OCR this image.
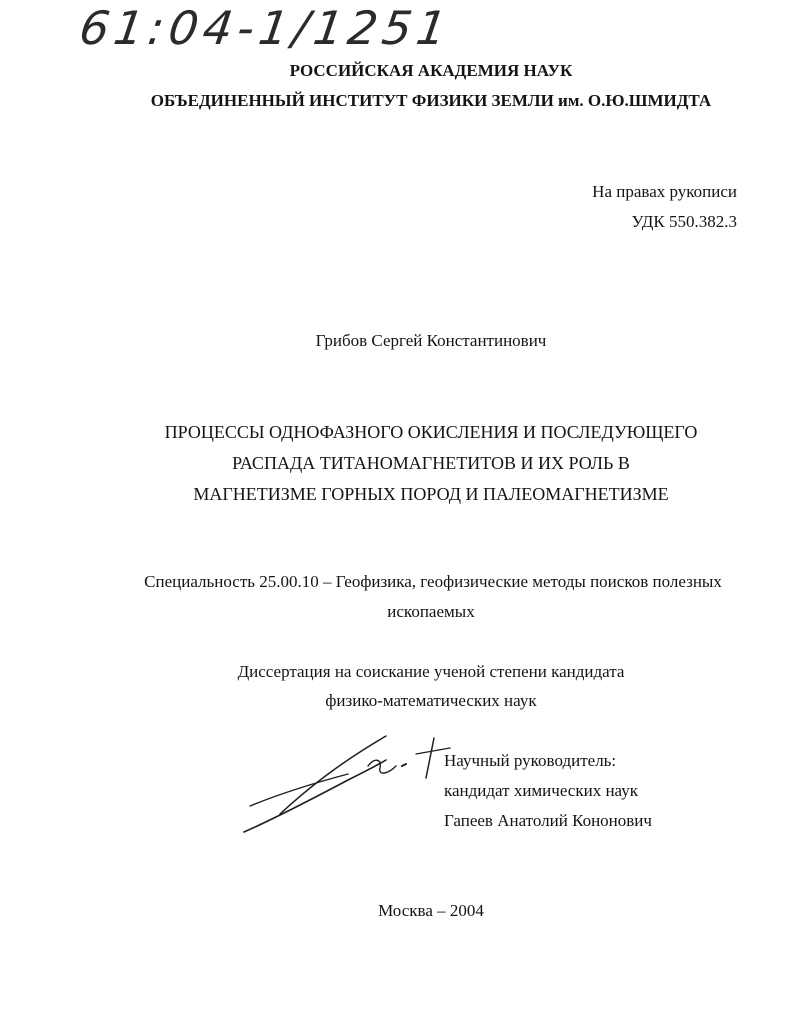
61:04-1/1251
РОССИЙСКАЯ АКАДЕМИЯ НАУК
ОБЪЕДИНЕННЫЙ ИНСТИТУТ ФИЗИКИ ЗЕМЛИ им. О.Ю.ШМИДТА
На правах рукописи
УДК 550.382.3
Грибов Сергей Константинович
ПРОЦЕССЫ ОДНОФАЗНОГО ОКИСЛЕНИЯ И ПОСЛЕДУЮЩЕГО
РАСПАДА ТИТАНОМАГНЕТИТОВ И ИХ РОЛЬ В
МАГНЕТИЗМЕ ГОРНЫХ ПОРОД И ПАЛЕОМАГНЕТИЗМЕ
Специальность 25.00.10 – Геофизика, геофизические методы поисков полезных
ископаемых
Диссертация на соискание ученой степени кандидата
физико-математических наук
Научный руководитель:
кандидат химических наук
Гапеев Анатолий Кононович
Москва – 2004
